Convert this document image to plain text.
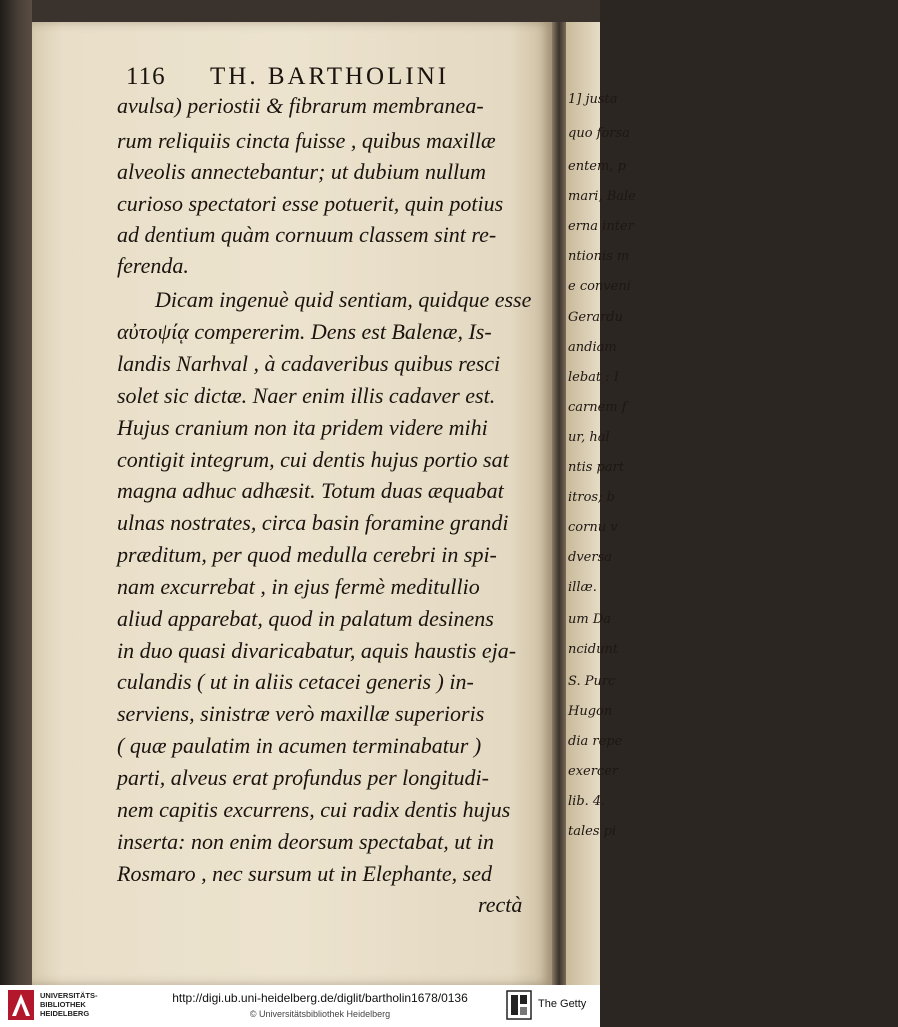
1] justa
quo forsa
entem, p
mari, Bale
erna inter
ntionis m
e conveni
Gerardu
andiam
lebat : I
carnem f
ur, hal
ntis part
itros; b
cornu v
dversa
illæ.
um Da
ncidunt
S. Purc
Hugon
dia repe
exercer
lib. 4.
tales pi
116 TH. BARTHOLINI
avulsa) periostii & fibrarum membranea-
rum reliquiis cincta fuisse , quibus maxillæ
alveolis annectebantur; ut dubium nullum
curioso spectatori esse potuerit, quin potius
ad dentium quàm cornuum classem sint re-
ferenda.
Dicam ingenuè quid sentiam, quidque esse
αὐτοψίᾳ compererim. Dens est Balenæ, Is-
landis Narhval , à cadaveribus quibus resci
solet sic dictæ. Naer enim illis cadaver est.
Hujus cranium non ita pridem videre mihi
contigit integrum, cui dentis hujus portio sat
magna adhuc adhæsit. Totum duas æquabat
ulnas nostrates, circa basin foramine grandi
præditum, per quod medulla cerebri in spi-
nam excurrebat , in ejus fermè meditullio
aliud apparebat, quod in palatum desinens
in duo quasi divaricabatur, aquis haustis eja-
culandis ( ut in aliis cetacei generis ) in-
serviens, sinistræ verò maxillæ superioris
( quæ paulatim in acumen terminabatur )
parti, alveus erat profundus per longitudi-
nem capitis excurrens, cui radix dentis hujus
inserta: non enim deorsum spectabat, ut in
Rosmaro , nec sursum ut in Elephante, sed
rectà
UNIVERSITÄTS-
BIBLIOTHEK
HEIDELBERG
http://digi.ub.uni-heidelberg.de/diglit/bartholin1678/0136
© Universitätsbibliothek Heidelberg
The Getty
